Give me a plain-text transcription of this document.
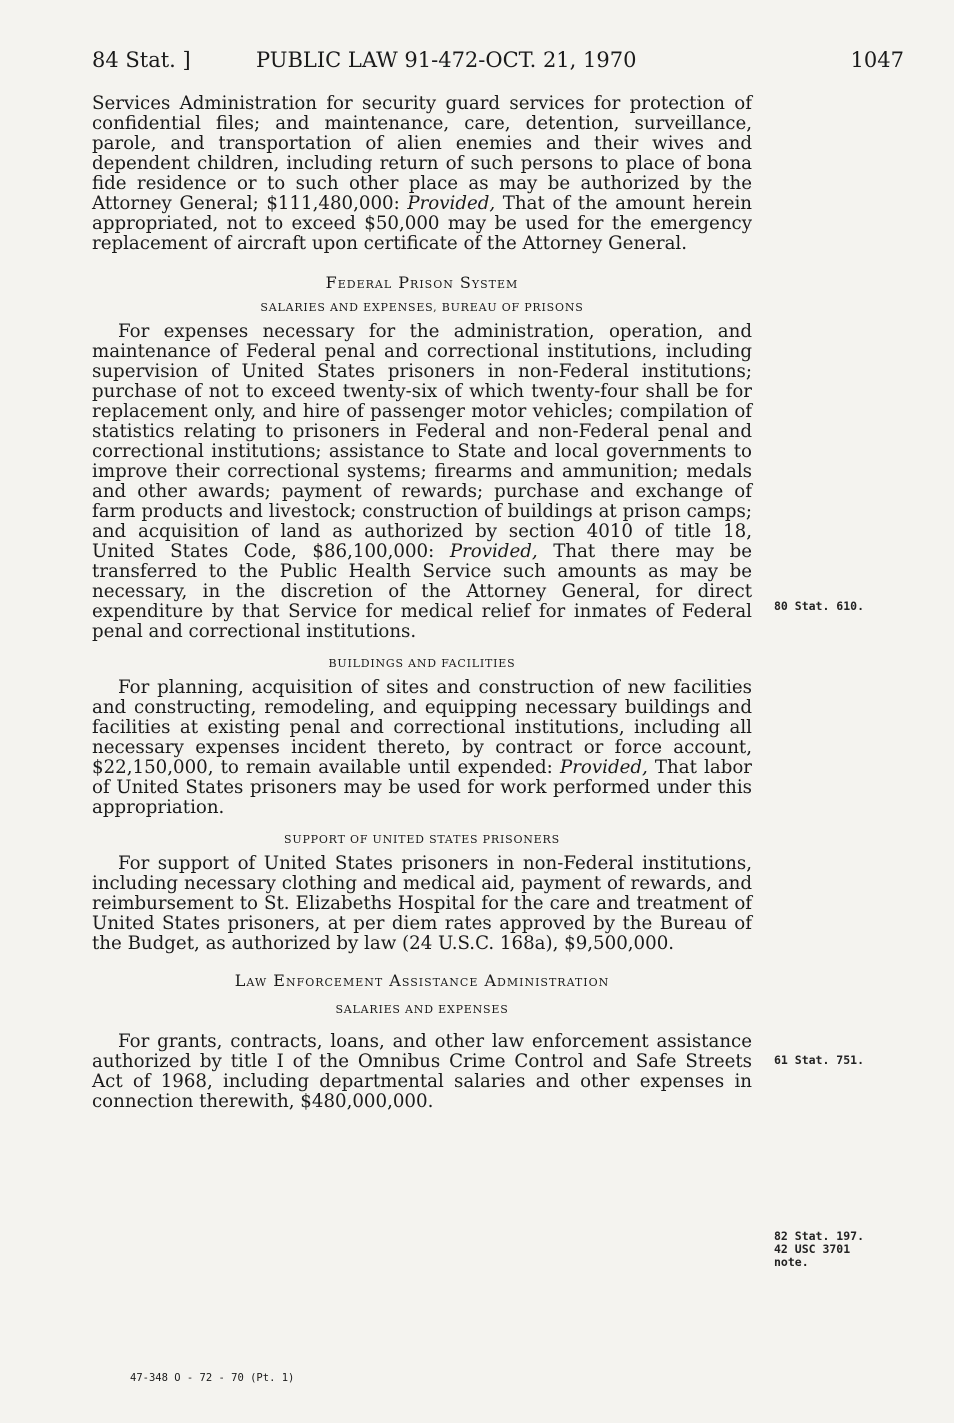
84 Stat. ]	PUBLIC LAW 91-472-OCT. 21, 1970	1047

Services Administration for security guard services for protection of confidential files; and maintenance, care, detention, surveillance, parole, and transportation of alien enemies and their wives and dependent children, including return of such persons to place of bona fide residence or to such other place as may be authorized by the Attorney General; $111,480,000: Provided, That of the amount herein appropriated, not to exceed $50,000 may be used for the emergency replacement of aircraft upon certificate of the Attorney General.

Federal Prison System
SALARIES AND EXPENSES, BUREAU OF PRISONS

For expenses necessary for the administration, operation, and maintenance of Federal penal and correctional institutions, including supervision of United States prisoners in non-Federal institutions; purchase of not to exceed twenty-six of which twenty-four shall be for replacement only, and hire of passenger motor vehicles; compilation of statistics relating to prisoners in Federal and non-Federal penal and correctional institutions; assistance to State and local governments to improve their correctional systems; firearms and ammunition; medals and other awards; payment of rewards; purchase and exchange of farm products and livestock; construction of buildings at prison camps; and acquisition of land as authorized by section 4010 of title 18, United States Code, $86,100,000: Provided, That there may be transferred to the Public Health Service such amounts as may be necessary, in the discretion of the Attorney General, for direct expenditure by that Service for medical relief for inmates of Federal penal and correctional institutions.

BUILDINGS AND FACILITIES

For planning, acquisition of sites and construction of new facilities and constructing, remodeling, and equipping necessary buildings and facilities at existing penal and correctional institutions, including all necessary expenses incident thereto, by contract or force account, $22,150,000, to remain available until expended: Provided, That labor of United States prisoners may be used for work performed under this appropriation.

SUPPORT OF UNITED STATES PRISONERS

For support of United States prisoners in non-Federal institutions, including necessary clothing and medical aid, payment of rewards, and reimbursement to St. Elizabeths Hospital for the care and treatment of United States prisoners, at per diem rates approved by the Bureau of the Budget, as authorized by law (24 U.S.C. 168a), $9,500,000.

Law Enforcement Assistance Administration
SALARIES AND EXPENSES

For grants, contracts, loans, and other law enforcement assistance authorized by title I of the Omnibus Crime Control and Safe Streets Act of 1968, including departmental salaries and other expenses in connection therewith, $480,000,000.

80 Stat. 610.
61 Stat. 751.
82 Stat. 197.
42 USC 3701
note.
47-348 O - 72 - 70 (Pt. 1)
